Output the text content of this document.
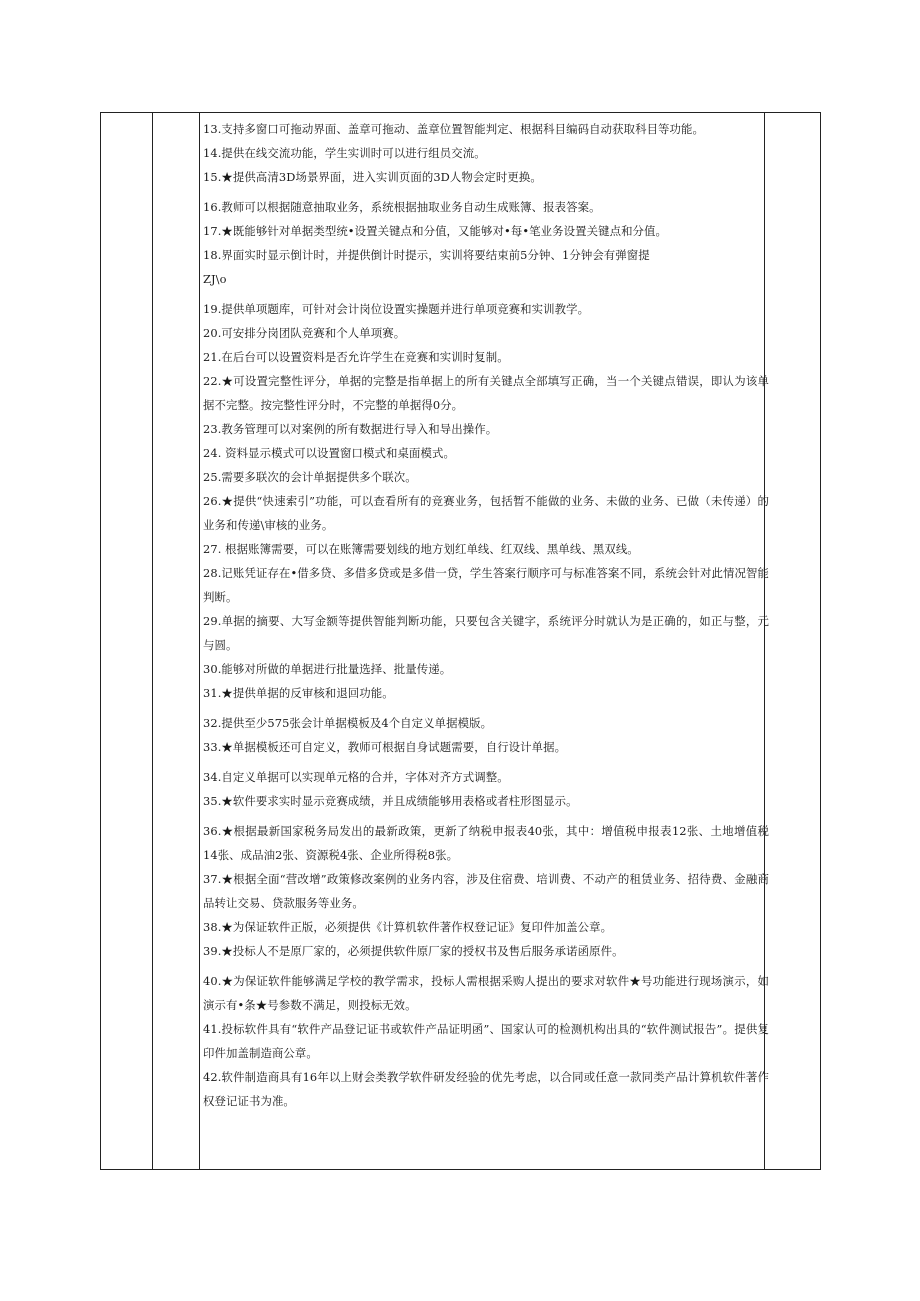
13.支持多窗口可拖动界面、盖章可拖动、盖章位置智能判定、根据科目编码自动获取科目等功能。

14.提供在线交流功能，学生实训时可以进行组员交流。

15.★提供高清3D场景界面，进入实训页面的3D人物会定时更换。

16.教师可以根据随意抽取业务，系统根据抽取业务自动生成账簿、报表答案。

17.★既能够针对单据类型统•设置关键点和分值，又能够对•每•笔业务设置关键点和分值。

18.界面实时显示倒计时，并提供倒计时提示，实训将要结束前5分钟、1分钟会有弹窗提

ZJ\o

19.提供单项题库，可针对会计岗位设置实操题并进行单项竞赛和实训教学。

20.可安排分岗团队竞赛和个人单项赛。

21.在后台可以设置资料是否允许学生在竞赛和实训时复制。

22.★可设置完整性评分，单据的完整是指单据上的所有关键点全部填写正确，当一个关键点错误，即认为该单据不完整。按完整性评分时，不完整的单据得0分。

23.教务管理可以对案例的所有数据进行导入和导出操作。

24. 资料显示模式可以设置窗口模式和桌面模式。

25.需要多联次的会计单据提供多个联次。

26.★提供“快速索引”功能，可以查看所有的竞赛业务，包括暂不能做的业务、未做的业务、已做（未传递）的业务和传递\审核的业务。

27. 根据账簿需要，可以在账簿需要划线的地方划红单线、红双线、黑单线、黑双线。

28.记账凭证存在•借多贷、多借多贷或是多借一贷，学生答案行顺序可与标准答案不同，系统会针对此情况智能判断。

29.单据的摘要、大写金额等提供智能判断功能，只要包含关键字，系统评分时就认为是正确的，如正与整，元与圆。

30.能够对所做的单据进行批量选择、批量传递。

31.★提供单据的反审核和退回功能。

32.提供至少575张会计单据模板及4个自定义单据模版。

33.★单据模板还可自定义，教师可根据自身试题需要，自行设计单据。

34.自定义单据可以实现单元格的合并，字体对齐方式调整。

35.★软件要求实时显示竞赛成绩，并且成绩能够用表格或者柱形图显示。

36.★根据最新国家税务局发出的最新政策，更新了纳税申报表40张，其中：增值税申报表12张、土地增值税14张、成品油2张、资源税4张、企业所得税8张。

37.★根据全面“营改增”政策修改案例的业务内容，涉及住宿费、培训费、不动产的租赁业务、招待费、金融商品转让交易、贷款服务等业务。

38.★为保证软件正版，必须提供《计算机软件著作权登记证》复印件加盖公章。

39.★投标人不是原厂家的，必须提供软件原厂家的授权书及售后服务承诺函原件。

40.★为保证软件能够满足学校的教学需求，投标人需根据采购人提出的要求对软件★号功能进行现场演示，如演示有•条★号参数不满足，则投标无效。

41.投标软件具有“软件产品登记证书或软件产品证明函”、国家认可的检测机构出具的“软件测试报告”。提供复印件加盖制造商公章。

42.软件制造商具有16年以上财会类教学软件研发经验的优先考虑，以合同或任意一款同类产品计算机软件著作权登记证书为准。
